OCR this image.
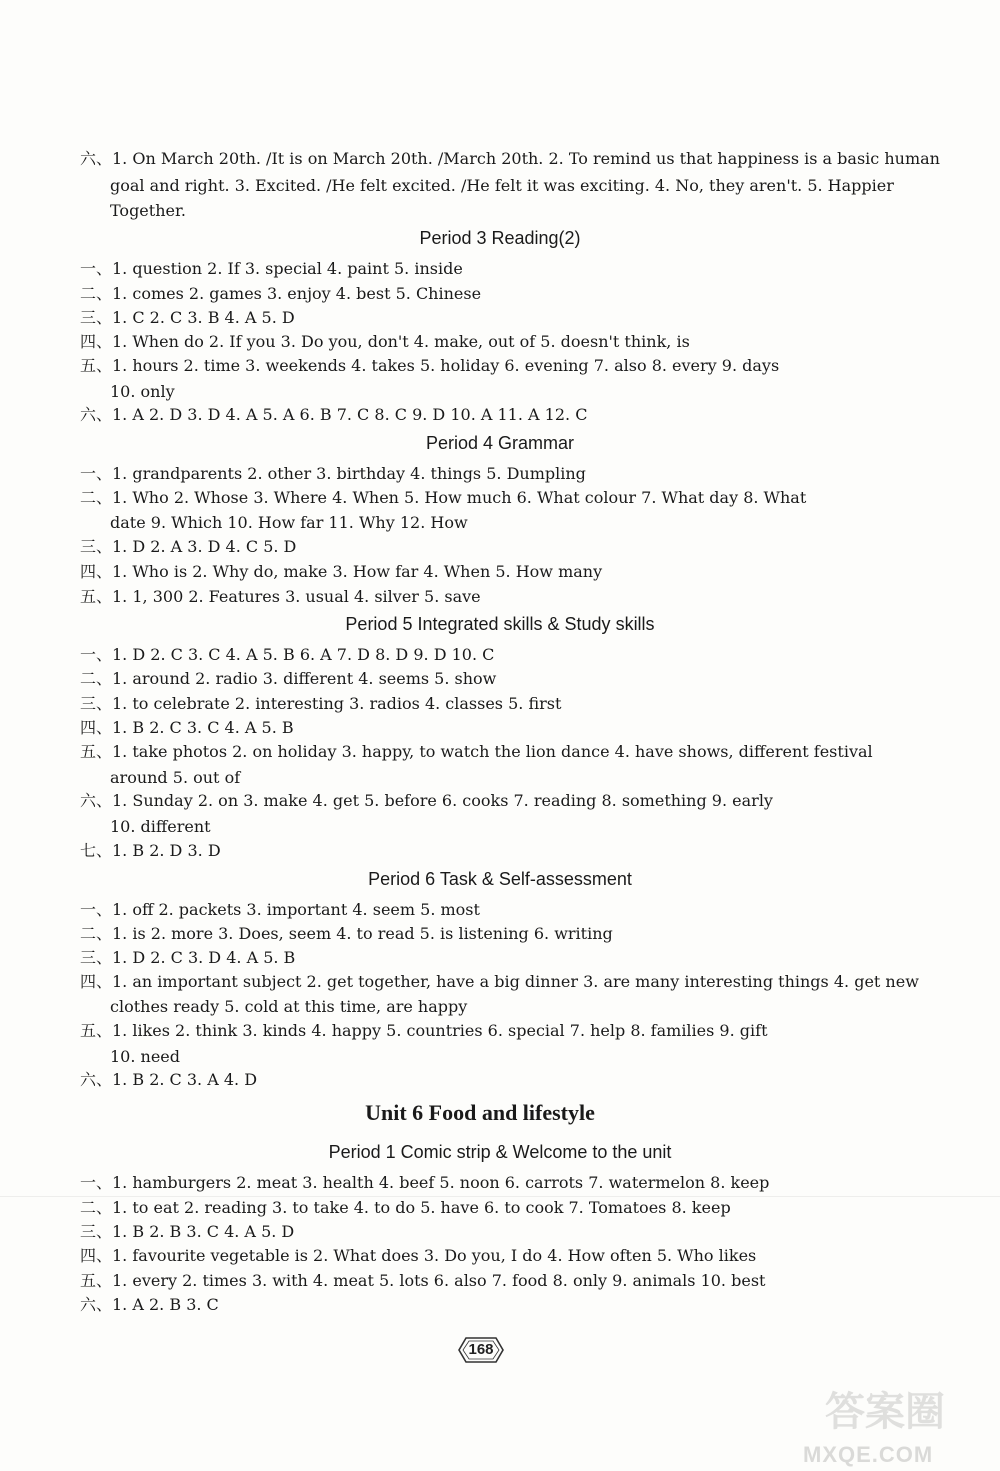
六、1. On March 20th. /It is on March 20th. /March 20th. 2. To remind us that happiness is a basic human
goal and right. 3. Excited. /He felt excited. /He felt it was exciting. 4. No, they aren't. 5. Happier
Together.
Period 3 Reading(2)
一、1. question 2. If 3. special 4. paint 5. inside
二、1. comes 2. games 3. enjoy 4. best 5. Chinese
三、1. C 2. C 3. B 4. A 5. D
四、1. When do 2. If you 3. Do you, don't 4. make, out of 5. doesn't think, is
五、1. hours 2. time 3. weekends 4. takes 5. holiday 6. evening 7. also 8. every 9. days
10. only
六、1. A 2. D 3. D 4. A 5. A 6. B 7. C 8. C 9. D 10. A 11. A 12. C
Period 4 Grammar
一、1. grandparents 2. other 3. birthday 4. things 5. Dumpling
二、1. Who 2. Whose 3. Where 4. When 5. How much 6. What colour 7. What day 8. What
date 9. Which 10. How far 11. Why 12. How
三、1. D 2. A 3. D 4. C 5. D
四、1. Who is 2. Why do, make 3. How far 4. When 5. How many
五、1. 1, 300 2. Features 3. usual 4. silver 5. save
Period 5 Integrated skills & Study skills
一、1. D 2. C 3. C 4. A 5. B 6. A 7. D 8. D 9. D 10. C
二、1. around 2. radio 3. different 4. seems 5. show
三、1. to celebrate 2. interesting 3. radios 4. classes 5. first
四、1. B 2. C 3. C 4. A 5. B
五、1. take photos 2. on holiday 3. happy, to watch the lion dance 4. have shows, different festival
around 5. out of
六、1. Sunday 2. on 3. make 4. get 5. before 6. cooks 7. reading 8. something 9. early
10. different
七、1. B 2. D 3. D
Period 6 Task & Self-assessment
一、1. off 2. packets 3. important 4. seem 5. most
二、1. is 2. more 3. Does, seem 4. to read 5. is listening 6. writing
三、1. D 2. C 3. D 4. A 5. B
四、1. an important subject 2. get together, have a big dinner 3. are many interesting things 4. get new
clothes ready 5. cold at this time, are happy
五、1. likes 2. think 3. kinds 4. happy 5. countries 6. special 7. help 8. families 9. gift
10. need
六、1. B 2. C 3. A 4. D
Unit 6 Food and lifestyle
Period 1 Comic strip & Welcome to the unit
一、1. hamburgers 2. meat 3. health 4. beef 5. noon 6. carrots 7. watermelon 8. keep
二、1. to eat 2. reading 3. to take 4. to do 5. have 6. to cook 7. Tomatoes 8. keep
三、1. B 2. B 3. C 4. A 5. D
四、1. favourite vegetable is 2. What does 3. Do you, I do 4. How often 5. Who likes
五、1. every 2. times 3. with 4. meat 5. lots 6. also 7. food 8. only 9. animals 10. best
六、1. A 2. B 3. C
168
答案圈
MXQE.COM
